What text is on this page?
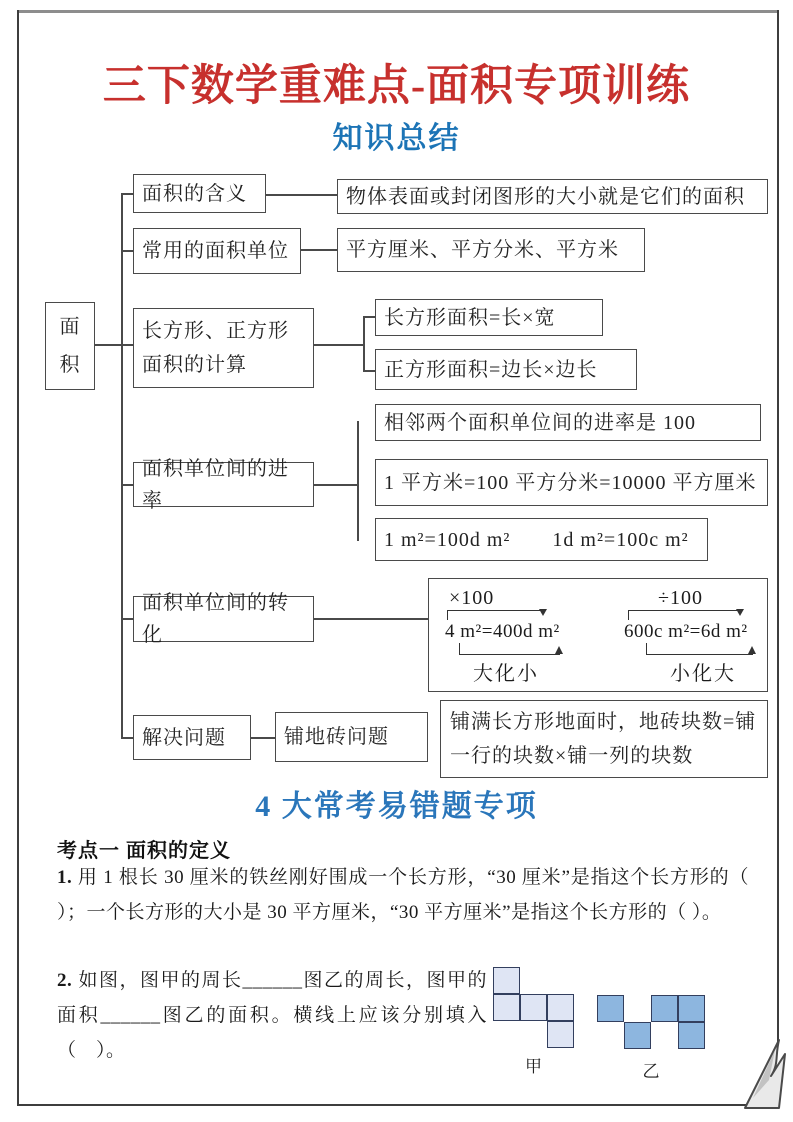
三下数学重难点-面积专项训练
知识总结
面
积
面积的含义
常用的面积单位
长方形、正方形
面积的计算
面积单位间的进率
面积单位间的转化
解决问题
物体表面或封闭图形的大小就是它们的面积
平方厘米、平方分米、平方米
长方形面积=长×宽
正方形面积=边长×边长
相邻两个面积单位间的进率是 100
1 平方米=100 平方分米=10000 平方厘米
1 m²=100d m²　　1d m²=100c m²
×100
4 m²=400d m²
大化小
÷100
600c m²=6d m²
小化大
铺地砖问题
铺满长方形地面时，地砖块数=铺一行的块数×铺一列的块数
4 大常考易错题专项
考点一 面积的定义
1. 用 1 根长 30 厘米的铁丝刚好围成一个长方形，“30 厘米”是指这个长方形的（ ）；一个长方形的大小是 30 平方厘米，“30 平方厘米”是指这个长方形的（ ）。
2. 如图，图甲的周长______图乙的周长，图甲的面积______图乙的面积。横线上应该分别填入（　）。
甲	乙
